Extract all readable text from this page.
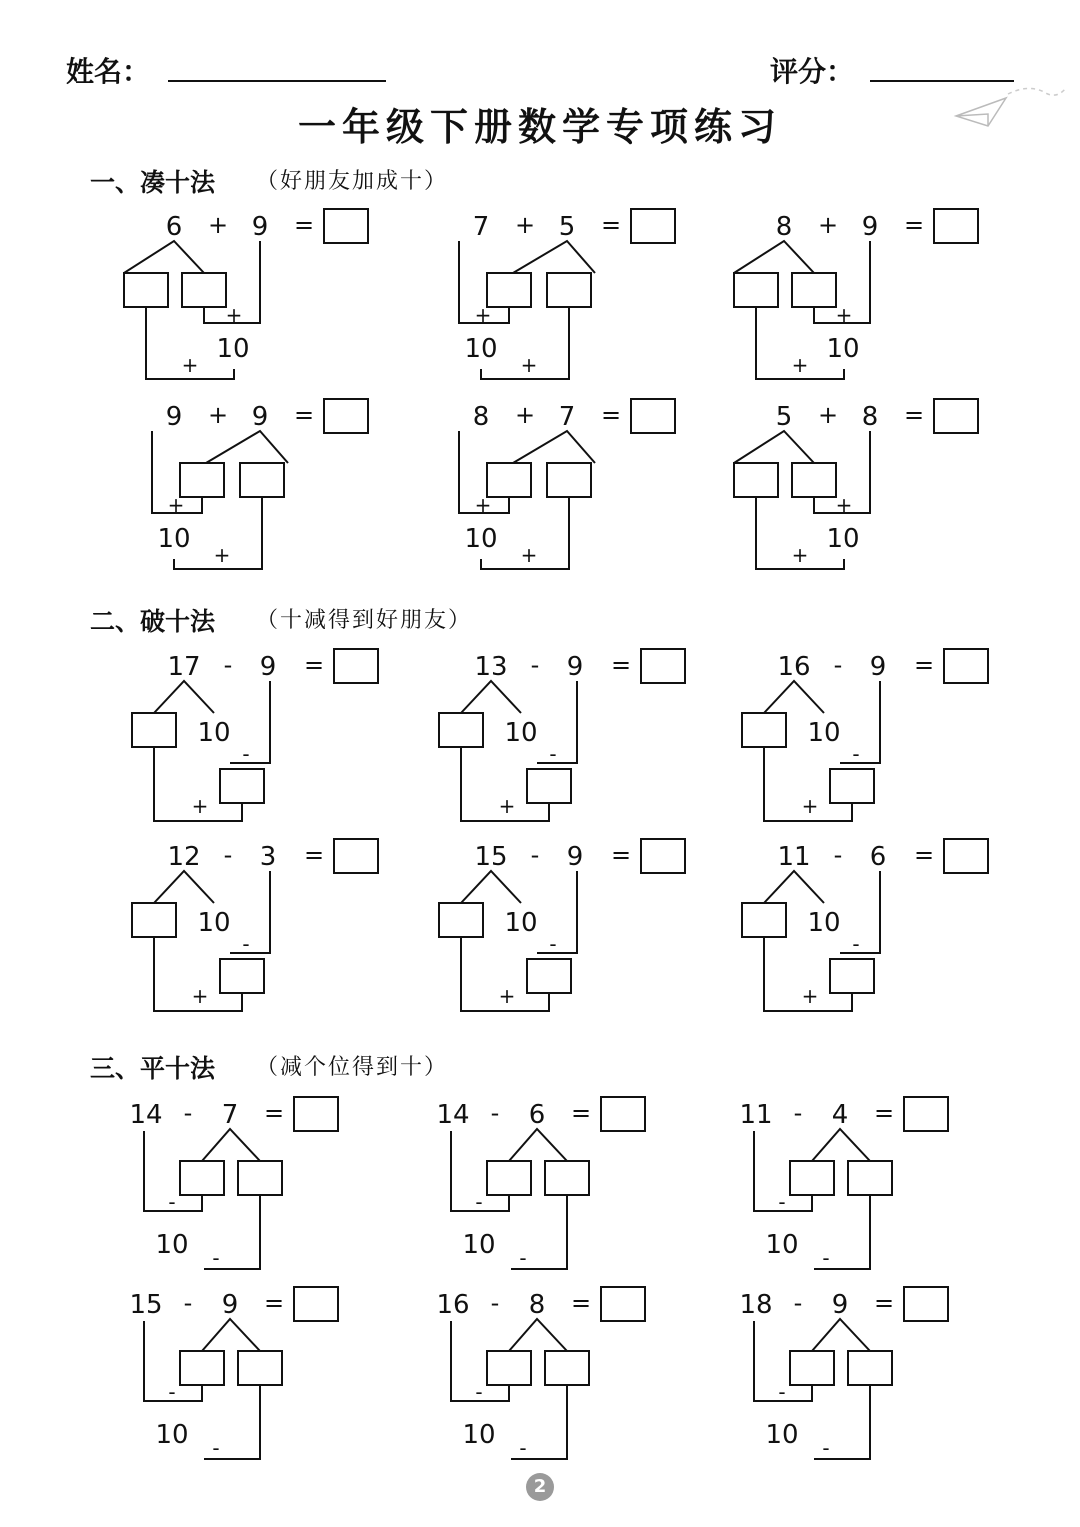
姓名：	评分：
一年级下册数学专项练习
一、凑十法 （好朋友加成十）
二、破十法 （十减得到好朋友）
三、平十法 （减个位得到十）
6 + 9 =
+
10
+
7 + 5 =
+
10
+
8 + 9 =
+
10
+
9 + 9 =
+
10
+
8 + 7 =
+
10
+
5 + 8 =
+
10
+
17 - 9 =
10
-
+
13 - 9 =
10
-
+
16 - 9 =
10
-
+
12 - 3 =
10
-
+
15 - 9 =
10
-
+
11 - 6 =
10
-
+
14 - 7 =
-
10 -
14 - 6 =
-
10 -
11 - 4 =
-
10 -
15 - 9 =
-
10 -
16 - 8 =
-
10 -
18 - 9 =
-
10 -
2
